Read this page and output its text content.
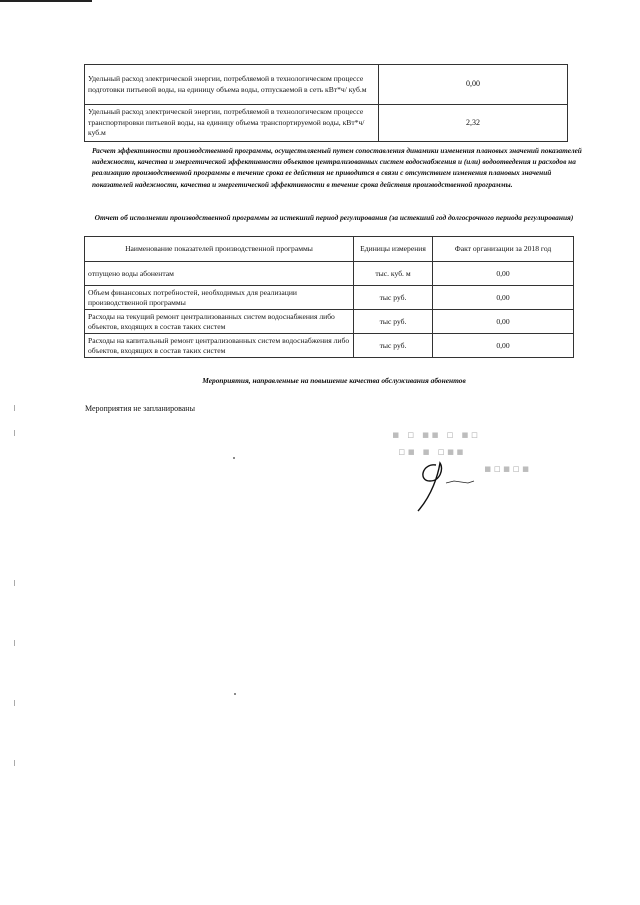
Удельный расход электрической энергии, потребляемой в технологическом процессе подготовки питьевой воды, на единицу объема воды, отпускаемой в сеть кВт*ч/ куб.м	0,00
Удельный расход электрической энергии, потребляемой в технологическом процессе транспортировки питьевой воды, на единицу объема транспортируемой воды, кВт*ч/ куб.м	2,32

Расчет эффективности производственной программы, осуществляемый путем сопоставления динамики изменения плановых значений показателей надежности, качества и энергетической эффективности объектов централизованных систем водоснабжения и (или) водоотведения и расходов на реализацию производственной программы в течение срока ее действия не приводится в связи с отсутствием изменения плановых значений показателей надежности, качества и энергетической эффективности в течение срока действия производственной программы.

Отчет об исполнении производственной программы за истекший период регулирования (за истекший год долгосрочного периода регулирования)

Наименование показателей производственной программы	Единицы измерения	Факт организации за 2018 год
отпущено воды абонентам	тыс. куб. м	0,00
Объем финансовых потребностей, необходимых для реализации производственной программы	тыс руб.	0,00
Расходы на текущий ремонт централизованных систем водоснабжения либо объектов, входящих в состав таких систем	тыс руб.	0,00
Расходы на капитальный ремонт централизованных систем водоснабжения либо объектов, входящих в состав таких систем	тыс руб.	0,00

Мероприятия, направленные на повышение качества обслуживания абонентов

Мероприятия не запланированы

▪ ▫ ▪▪ ▫ ▪▫
▫▪ ▪ ▫▪▪
▪▫▪▫▪
